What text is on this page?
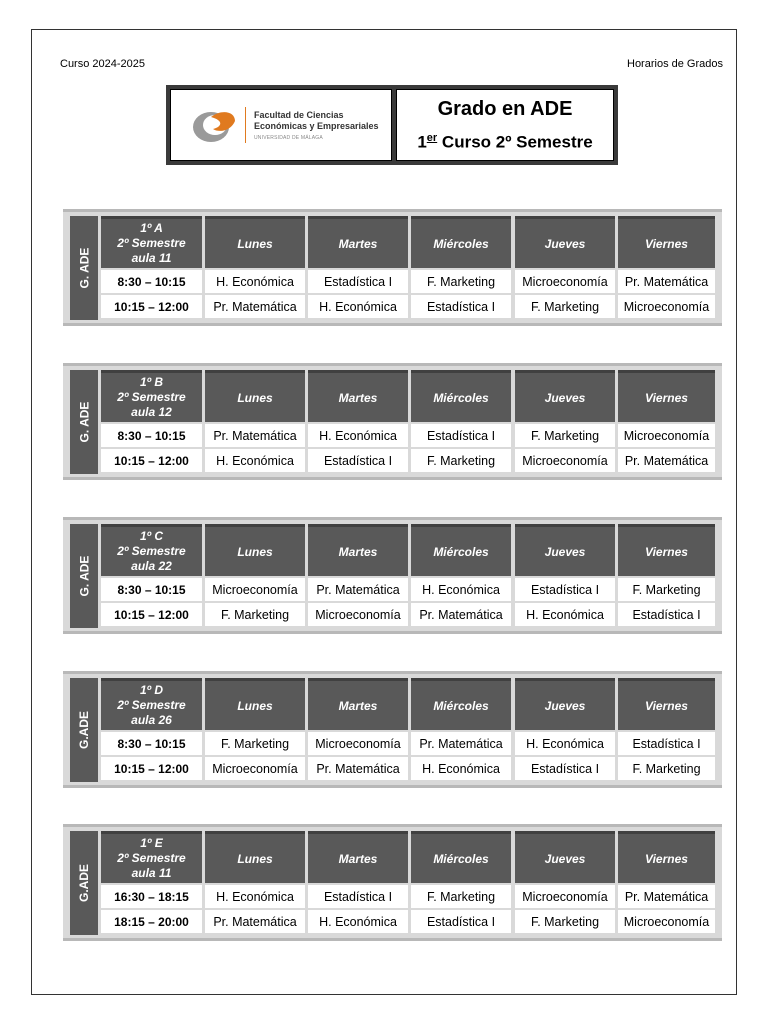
Curso 2024-2025	Horarios de Grados
Facultad de Ciencias
Económicas y Empresariales
UNIVERSIDAD DE MÁLAGA
Grado en ADE
1er Curso 2º Semestre
G. ADE
1º A
2º Semestre
aula 11
Lunes	Martes	Miércoles	Jueves	Viernes
8:30 – 10:15	H. Económica	Estadística I	F. Marketing	Microeconomía	Pr. Matemática
10:15 – 12:00	Pr. Matemática	H. Económica	Estadística I	F. Marketing	Microeconomía
G. ADE
1º B
2º Semestre
aula 12
Lunes	Martes	Miércoles	Jueves	Viernes
8:30 – 10:15	Pr. Matemática	H. Económica	Estadística I	F. Marketing	Microeconomía
10:15 – 12:00	H. Económica	Estadística I	F. Marketing	Microeconomía	Pr. Matemática
G. ADE
1º C
2º Semestre
aula 22
Lunes	Martes	Miércoles	Jueves	Viernes
8:30 – 10:15	Microeconomía	Pr. Matemática	H. Económica	Estadística I	F. Marketing
10:15 – 12:00	F. Marketing	Microeconomía	Pr. Matemática	H. Económica	Estadística I
G.ADE
1º D
2º Semestre
aula 26
Lunes	Martes	Miércoles	Jueves	Viernes
8:30 – 10:15	F. Marketing	Microeconomía	Pr. Matemática	H. Económica	Estadística I
10:15 – 12:00	Microeconomía	Pr. Matemática	H. Económica	Estadística I	F. Marketing
G.ADE
1º E
2º Semestre
aula 11
Lunes	Martes	Miércoles	Jueves	Viernes
16:30 – 18:15	H. Económica	Estadística I	F. Marketing	Microeconomía	Pr. Matemática
18:15 – 20:00	Pr. Matemática	H. Económica	Estadística I	F. Marketing	Microeconomía
